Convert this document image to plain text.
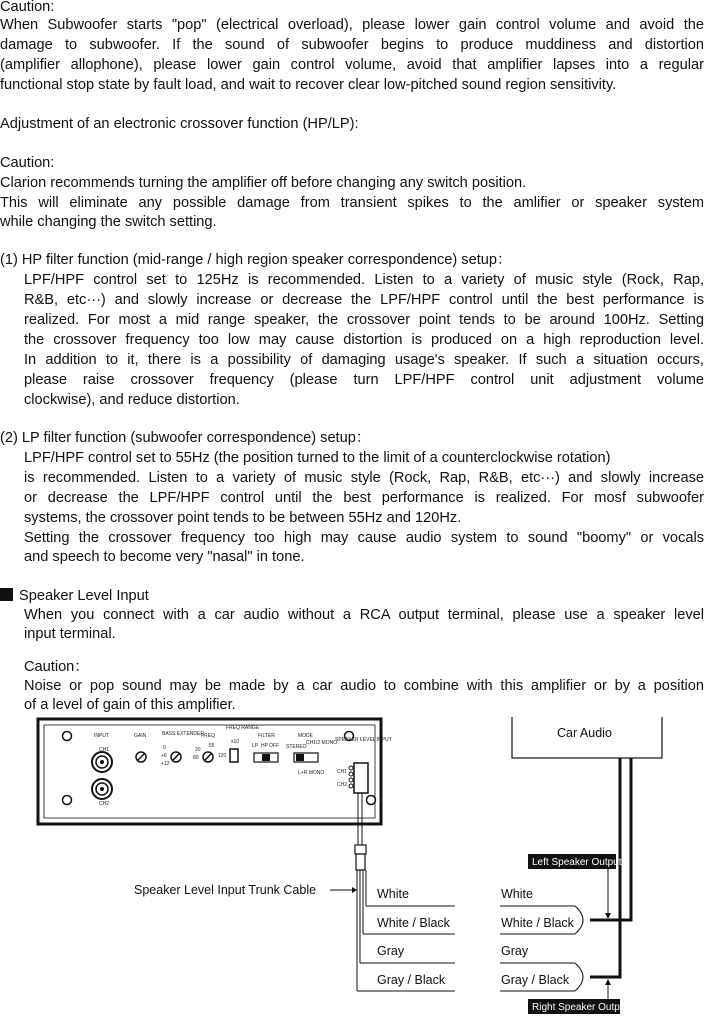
Caution:
When Subwoofer starts "pop" (electrical overload), please lower gain control volume and avoid the
damage to subwoofer. If the sound of subwoofer begins to produce muddiness and distortion
(amplifier allophone), please lower gain control volume, avoid that amplifier lapses into a regular
functional stop state by fault load, and wait to recover clear low-pitched sound region sensitivity.
Adjustment of an electronic crossover function (HP/LP):
Caution:
Clarion recommends turning the amplifier off before changing any switch position.
This will eliminate any possible damage from transient spikes to the amlifier or speaker system
while changing the switch setting.
(1) HP filter function (mid-range / high region speaker correspondence) setup：
LPF/HPF control set to 125Hz is recommended. Listen to a variety of music style (Rock, Rap,
R&B, etc···) and slowly increase or decrease the LPF/HPF control until the best performance is
realized. For most a mid range speaker, the crossover point tends to be around 100Hz. Setting
the crossover frequency too low may cause distortion is produced on a high reproduction level.
In addition to it, there is a possibility of damaging usage's speaker. If such a situation occurs,
please raise crossover frequency (please turn LPF/HPF control unit adjustment volume
clockwise), and reduce distortion.
(2) LP filter function (subwoofer correspondence) setup：
LPF/HPF control set to 55Hz (the position turned to the limit of a counterclockwise rotation)
is recommended. Listen to a variety of music style (Rock, Rap, R&B, etc···) and slowly increase
or decrease the LPF/HPF control until the best performance is realized. For mosf subwoofer
systems, the crossover point tends to be between 55Hz and 120Hz.
Setting the crossover frequency too high may cause audio system to sound "boomy" or vocals
and speech to become very "nasal" in tone.
Speaker Level Input
When you connect with a car audio without a RCA output terminal, please use a speaker level
input terminal.
Caution：
Noise or pop sound may be made by a car audio to combine with this amplifier or by a position
of a level of gain of this amplifier.
INPUT
CH1
CH2
GAIN	BASS EXTENDER
0
+6
+12
FREQ
20
55
80	120
FREQ RANGE
x10
FILTER
LP HP OFF
MODE
STEREO
CH1/2 MONO
L+R MONO
SPEAKER LEVEL INPUT
CH1
CH2
Speaker Level Input Trunk Cable	White
White / Black
Gray
Gray / Black
Car Audio
White
White / Black
Gray
Gray / Black
Left Speaker Output
Right Speaker Output
